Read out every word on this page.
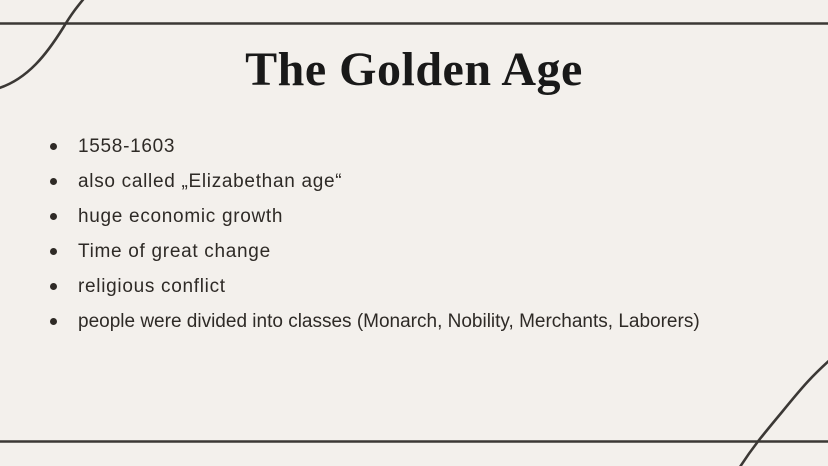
The Golden Age
1558-1603
also called „Elizabethan age“
huge economic growth
Time of great change
religious conflict
people were divided into classes (Monarch, Nobility, Merchants, Laborers)
